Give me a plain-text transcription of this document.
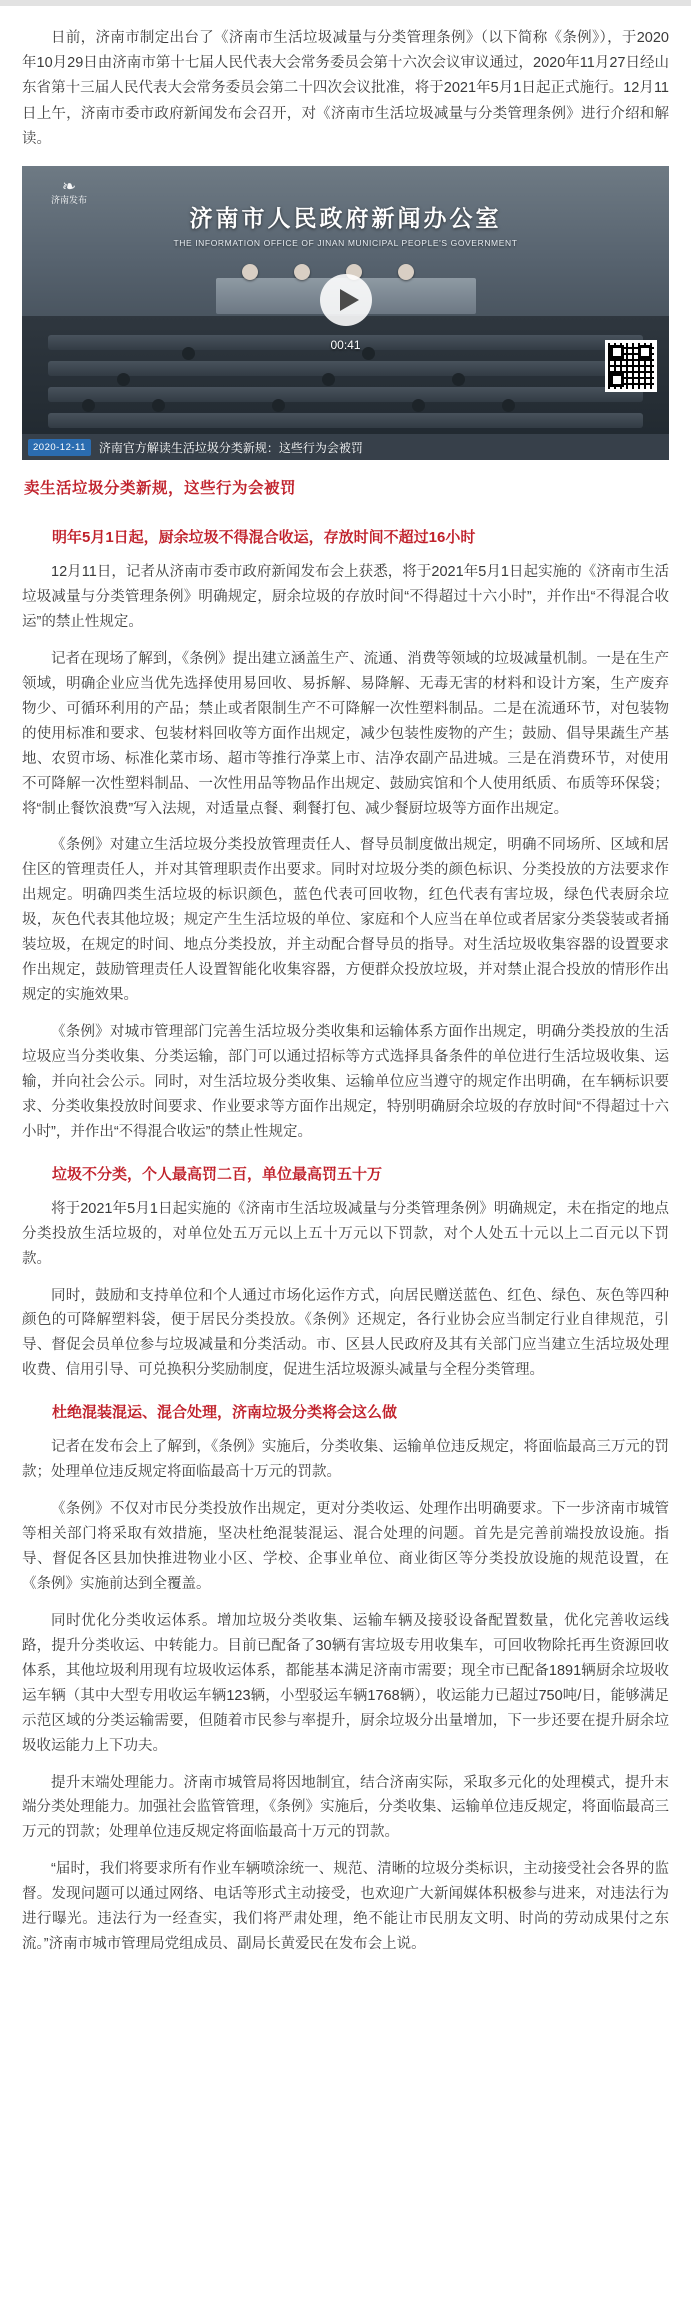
日前，济南市制定出台了《济南市生活垃圾减量与分类管理条例》（以下简称《条例》），于2020年10月29日由济南市第十七届人民代表大会常务委员会第十六次会议审议通过，2020年11月27日经山东省第十三届人民代表大会常务委员会第二十四次会议批准，将于2021年5月1日起正式施行。12月11日上午，济南市委市政府新闻发布会召开，对《济南市生活垃圾减量与分类管理条例》进行介绍和解读。

济南市人民政府新闻办公室
THE INFORMATION OFFICE OF JINAN MUNICIPAL PEOPLE'S GOVERNMENT
❧
济南发布
00:41
2020-12-11	济南官方解读生活垃圾分类新规：这些行为会被罚
卖生活垃圾分类新规，这些行为会被罚
明年5月1日起，厨余垃圾不得混合收运，存放时间不超过16小时

12月11日，记者从济南市委市政府新闻发布会上获悉，将于2021年5月1日起实施的《济南市生活垃圾减量与分类管理条例》明确规定，厨余垃圾的存放时间“不得超过十六小时”，并作出“不得混合收运”的禁止性规定。

记者在现场了解到，《条例》提出建立涵盖生产、流通、消费等领域的垃圾减量机制。一是在生产领域，明确企业应当优先选择使用易回收、易拆解、易降解、无毒无害的材料和设计方案，生产废弃物少、可循环利用的产品；禁止或者限制生产不可降解一次性塑料制品。二是在流通环节，对包装物的使用标准和要求、包装材料回收等方面作出规定，减少包装性废物的产生；鼓励、倡导果蔬生产基地、农贸市场、标准化菜市场、超市等推行净菜上市、洁净农副产品进城。三是在消费环节，对使用不可降解一次性塑料制品、一次性用品等物品作出规定、鼓励宾馆和个人使用纸质、布质等环保袋；将“制止餐饮浪费”写入法规，对适量点餐、剩餐打包、减少餐厨垃圾等方面作出规定。

《条例》对建立生活垃圾分类投放管理责任人、督导员制度做出规定，明确不同场所、区域和居住区的管理责任人，并对其管理职责作出要求。同时对垃圾分类的颜色标识、分类投放的方法要求作出规定。明确四类生活垃圾的标识颜色，蓝色代表可回收物，红色代表有害垃圾，绿色代表厨余垃圾，灰色代表其他垃圾；规定产生生活垃圾的单位、家庭和个人应当在单位或者居家分类袋装或者捅装垃圾，在规定的时间、地点分类投放，并主动配合督导员的指导。对生活垃圾收集容器的设置要求作出规定，鼓励管理责任人设置智能化收集容器，方便群众投放垃圾，并对禁止混合投放的情形作出规定的实施效果。

《条例》对城市管理部门完善生活垃圾分类收集和运输体系方面作出规定，明确分类投放的生活垃圾应当分类收集、分类运输，部门可以通过招标等方式选择具备条件的单位进行生活垃圾收集、运输，并向社会公示。同时，对生活垃圾分类收集、运输单位应当遵守的规定作出明确，在车辆标识要求、分类收集投放时间要求、作业要求等方面作出规定，特别明确厨余垃圾的存放时间“不得超过十六小时”，并作出“不得混合收运”的禁止性规定。

垃圾不分类，个人最高罚二百，单位最高罚五十万

将于2021年5月1日起实施的《济南市生活垃圾减量与分类管理条例》明确规定，未在指定的地点分类投放生活垃圾的，对单位处五万元以上五十万元以下罚款，对个人处五十元以上二百元以下罚款。

同时，鼓励和支持单位和个人通过市场化运作方式，向居民赠送蓝色、红色、绿色、灰色等四种颜色的可降解塑料袋，便于居民分类投放。《条例》还规定，各行业协会应当制定行业自律规范，引导、督促会员单位参与垃圾减量和分类活动。市、区县人民政府及其有关部门应当建立生活垃圾处理收费、信用引导、可兑换积分奖励制度，促进生活垃圾源头减量与全程分类管理。

杜绝混装混运、混合处理，济南垃圾分类将会这么做

记者在发布会上了解到，《条例》实施后，分类收集、运输单位违反规定，将面临最高三万元的罚款；处理单位违反规定将面临最高十万元的罚款。

《条例》不仅对市民分类投放作出规定，更对分类收运、处理作出明确要求。下一步济南市城管等相关部门将采取有效措施，坚决杜绝混装混运、混合处理的问题。首先是完善前端投放设施。指导、督促各区县加快推进物业小区、学校、企事业单位、商业街区等分类投放设施的规范设置，在《条例》实施前达到全覆盖。

同时优化分类收运体系。增加垃圾分类收集、运输车辆及接驳设备配置数量，优化完善收运线路，提升分类收运、中转能力。目前已配备了30辆有害垃圾专用收集车，可回收物除托再生资源回收体系，其他垃圾利用现有垃圾收运体系，都能基本满足济南市需要；现全市已配备1891辆厨余垃圾收运车辆（其中大型专用收运车辆123辆，小型驳运车辆1768辆），收运能力已超过750吨/日，能够满足示范区域的分类运输需要，但随着市民参与率提升，厨余垃圾分出量增加，下一步还要在提升厨余垃圾收运能力上下功夫。

提升末端处理能力。济南市城管局将因地制宜，结合济南实际，采取多元化的处理模式，提升末端分类处理能力。加强社会监管管理，《条例》实施后，分类收集、运输单位违反规定，将面临最高三万元的罚款；处理单位违反规定将面临最高十万元的罚款。

“届时，我们将要求所有作业车辆喷涂统一、规范、清晰的垃圾分类标识，主动接受社会各界的监督。发现问题可以通过网络、电话等形式主动接受，也欢迎广大新闻媒体积极参与进来，对违法行为进行曝光。违法行为一经查实，我们将严肃处理，绝不能让市民朋友文明、时尚的劳动成果付之东流。”济南市城市管理局党组成员、副局长黄爱民在发布会上说。
